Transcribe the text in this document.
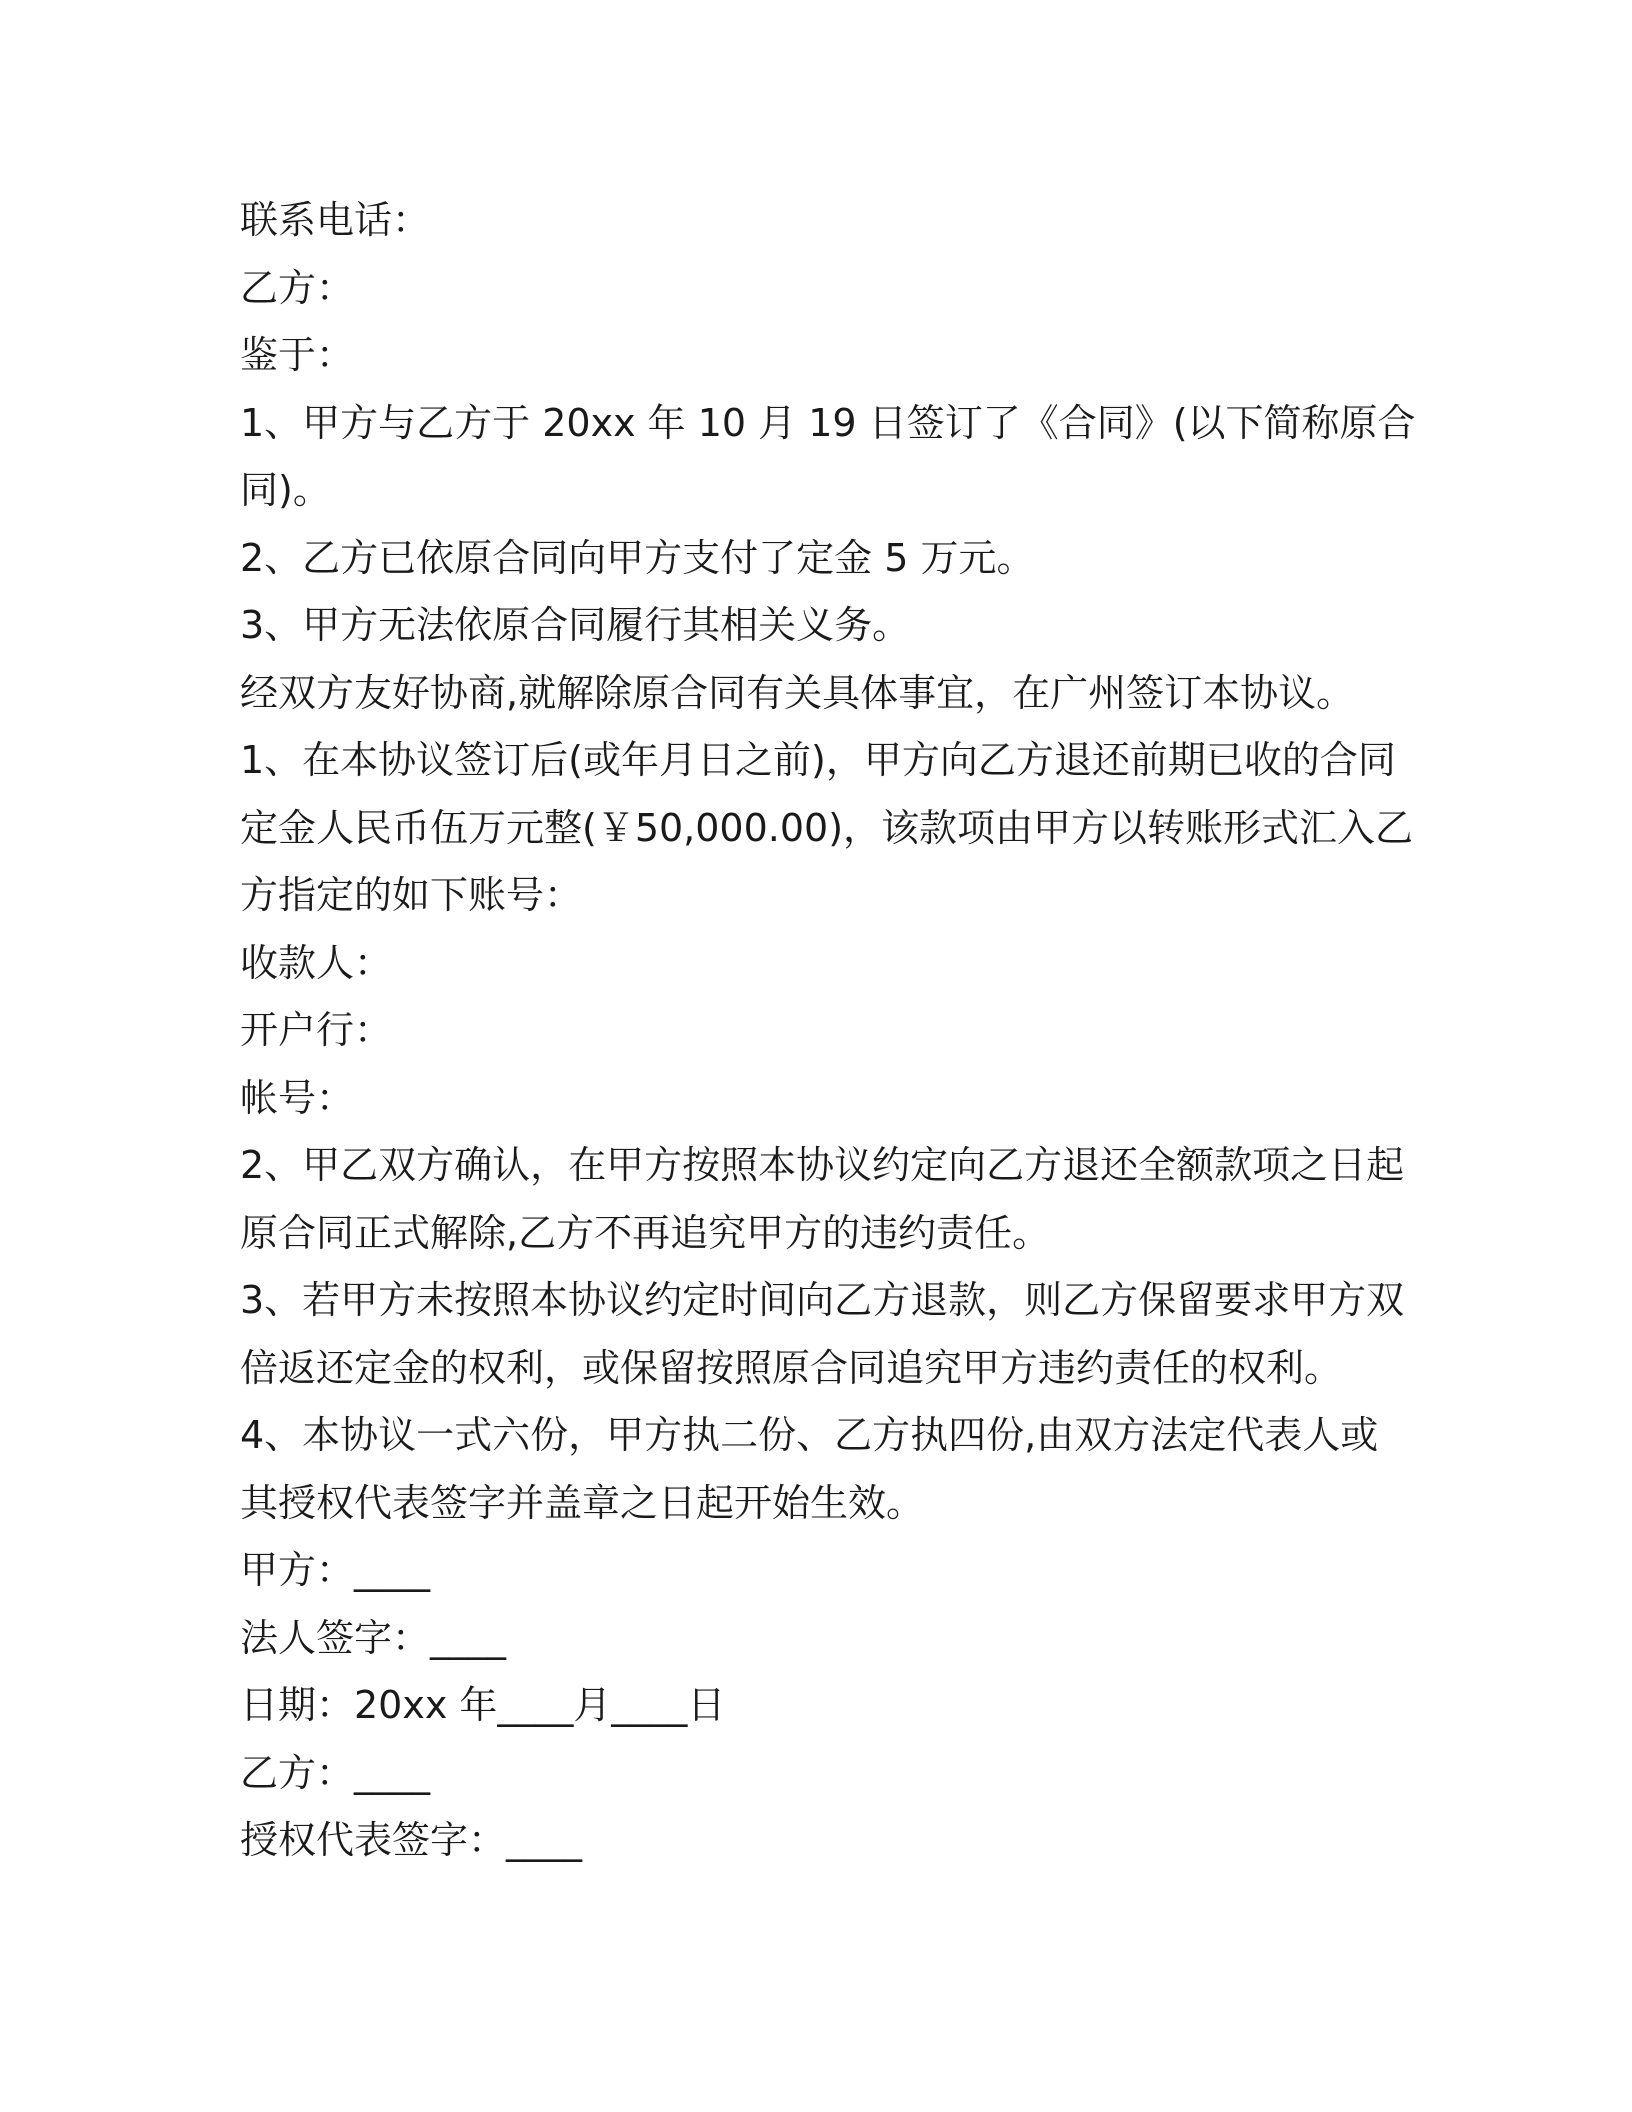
联系电话：
乙方：
鉴于：
1、甲方与乙方于 20xx 年 10 月 19 日签订了《合同》(以下简称原合
同)。
2、乙方已依原合同向甲方支付了定金 5 万元。
3、甲方无法依原合同履行其相关义务。
经双方友好协商,就解除原合同有关具体事宜，在广州签订本协议。
1、在本协议签订后(或年月日之前)，甲方向乙方退还前期已收的合同
定金人民币伍万元整(￥50,000.00)，该款项由甲方以转账形式汇入乙
方指定的如下账号：
收款人：
开户行：
帐号：
2、甲乙双方确认，在甲方按照本协议约定向乙方退还全额款项之日起
原合同正式解除,乙方不再追究甲方的违约责任。
3、若甲方未按照本协议约定时间向乙方退款，则乙方保留要求甲方双
倍返还定金的权利，或保留按照原合同追究甲方违约责任的权利。
4、本协议一式六份，甲方执二份、乙方执四份,由双方法定代表人或
其授权代表签字并盖章之日起开始生效。
甲方：____
法人签字：____
日期：20xx 年____月____日
乙方：____
授权代表签字：____
